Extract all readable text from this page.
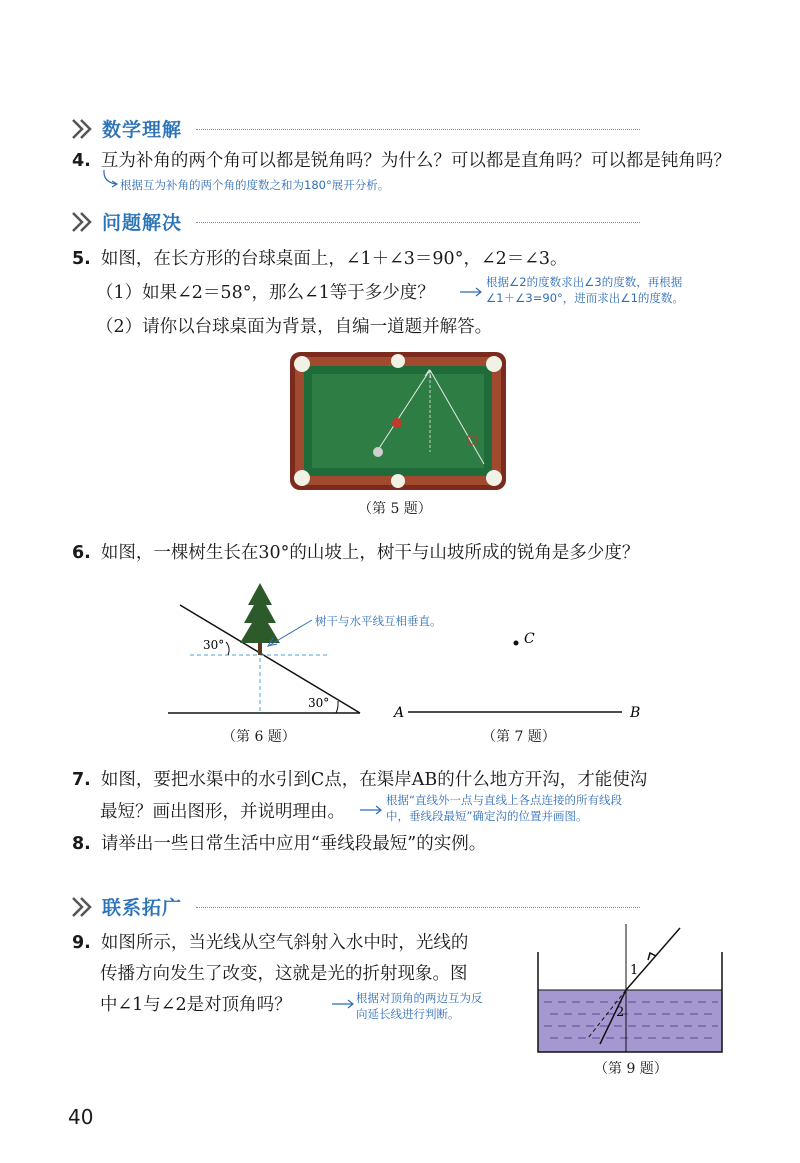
数学理解
4. 互为补角的两个角可以都是锐角吗？为什么？可以都是直角吗？可以都是钝角吗？
根据互为补角的两个角的度数之和为180°展开分析。
问题解决
5. 如图，在长方形的台球桌面上，∠1＋∠3＝90°，∠2＝∠3。
（1）如果∠2＝58°，那么∠1等于多少度？
根据∠2的度数求出∠3的度数，再根据
∠1＋∠3=90°，进而求出∠1的度数。
（2）请你以台球桌面为背景，自编一道题并解答。
（第 5 题）
6. 如图，一棵树生长在30°的山坡上，树干与山坡所成的锐角是多少度？
30°
30°
树干与水平线互相垂直。
（第 6 题）
C
A	B
（第 7 题）
7. 如图，要把水渠中的水引到C点，在渠岸AB的什么地方开沟，才能使沟
最短？画出图形，并说明理由。
根据“直线外一点与直线上各点连接的所有线段
中，垂线段最短”确定沟的位置并画图。
8. 请举出一些日常生活中应用“垂线段最短”的实例。
联系拓广
9. 如图所示，当光线从空气斜射入水中时，光线的
传播方向发生了改变，这就是光的折射现象。图
中∠1与∠2是对顶角吗？	根据对顶角的两边互为反
向延长线进行判断。
1
2
（第 9 题）
40
